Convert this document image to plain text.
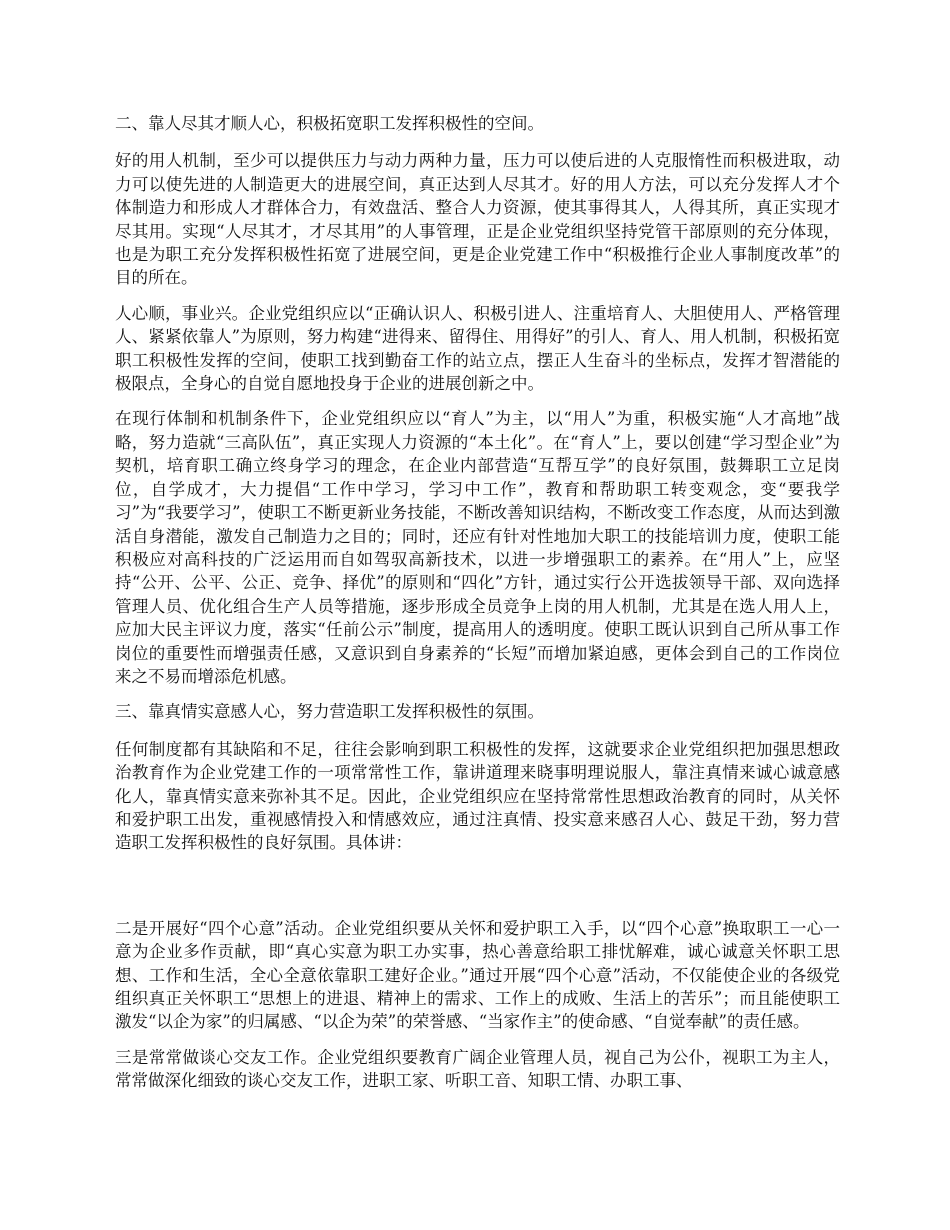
二、靠人尽其才顺人心，积极拓宽职工发挥积极性的空间。

好的用人机制，至少可以提供压力与动力两种力量，压力可以使后进的人克服惰性而积极进取，动力可以使先进的人制造更大的进展空间，真正达到人尽其才。好的用人方法，可以充分发挥人才个体制造力和形成人才群体合力，有效盘活、整合人力资源，使其事得其人，人得其所，真正实现才尽其用。实现“人尽其才，才尽其用”的人事管理，正是企业党组织坚持党管干部原则的充分体现，也是为职工充分发挥积极性拓宽了进展空间，更是企业党建工作中“积极推行企业人事制度改革”的目的所在。

人心顺，事业兴。企业党组织应以“正确认识人、积极引进人、注重培育人、大胆使用人、严格管理人、紧紧依靠人”为原则，努力构建“进得来、留得住、用得好”的引人、育人、用人机制，积极拓宽职工积极性发挥的空间，使职工找到勤奋工作的站立点，摆正人生奋斗的坐标点，发挥才智潜能的极限点，全身心的自觉自愿地投身于企业的进展创新之中。

在现行体制和机制条件下，企业党组织应以“育人”为主，以“用人”为重，积极实施“人才高地”战略，努力造就“三高队伍”，真正实现人力资源的“本土化”。在“育人”上，要以创建“学习型企业”为契机，培育职工确立终身学习的理念，在企业内部营造“互帮互学”的良好氛围，鼓舞职工立足岗位，自学成才，大力提倡“工作中学习，学习中工作”，教育和帮助职工转变观念，变“要我学习”为“我要学习”，使职工不断更新业务技能，不断改善知识结构，不断改变工作态度，从而达到激活自身潜能，激发自己制造力之目的；同时，还应有针对性地加大职工的技能培训力度，使职工能积极应对高科技的广泛运用而自如驾驭高新技术，以进一步增强职工的素养。在“用人”上，应坚持“公开、公平、公正、竞争、择优”的原则和“四化”方针，通过实行公开选拔领导干部、双向选择管理人员、优化组合生产人员等措施，逐步形成全员竞争上岗的用人机制，尤其是在选人用人上，应加大民主评议力度，落实“任前公示”制度，提高用人的透明度。使职工既认识到自己所从事工作岗位的重要性而增强责任感，又意识到自身素养的“长短”而增加紧迫感，更体会到自己的工作岗位来之不易而增添危机感。

三、靠真情实意感人心，努力营造职工发挥积极性的氛围。

任何制度都有其缺陷和不足，往往会影响到职工积极性的发挥，这就要求企业党组织把加强思想政治教育作为企业党建工作的一项常常性工作，靠讲道理来晓事明理说服人，靠注真情来诚心诚意感化人，靠真情实意来弥补其不足。因此，企业党组织应在坚持常常性思想政治教育的同时，从关怀和爱护职工出发，重视感情投入和情感效应，通过注真情、投实意来感召人心、鼓足干劲，努力营造职工发挥积极性的良好氛围。具体讲：

二是开展好“四个心意”活动。企业党组织要从关怀和爱护职工入手，以“四个心意”换取职工一心一意为企业多作贡献，即“真心实意为职工办实事，热心善意给职工排忧解难，诚心诚意关怀职工思想、工作和生活，全心全意依靠职工建好企业。”通过开展“四个心意”活动，不仅能使企业的各级党组织真正关怀职工“思想上的进退、精神上的需求、工作上的成败、生活上的苦乐”；而且能使职工激发“以企为家”的归属感、“以企为荣”的荣誉感、“当家作主”的使命感、“自觉奉献”的责任感。

三是常常做谈心交友工作。企业党组织要教育广阔企业管理人员，视自己为公仆，视职工为主人，常常做深化细致的谈心交友工作，进职工家、听职工音、知职工情、办职工事、
